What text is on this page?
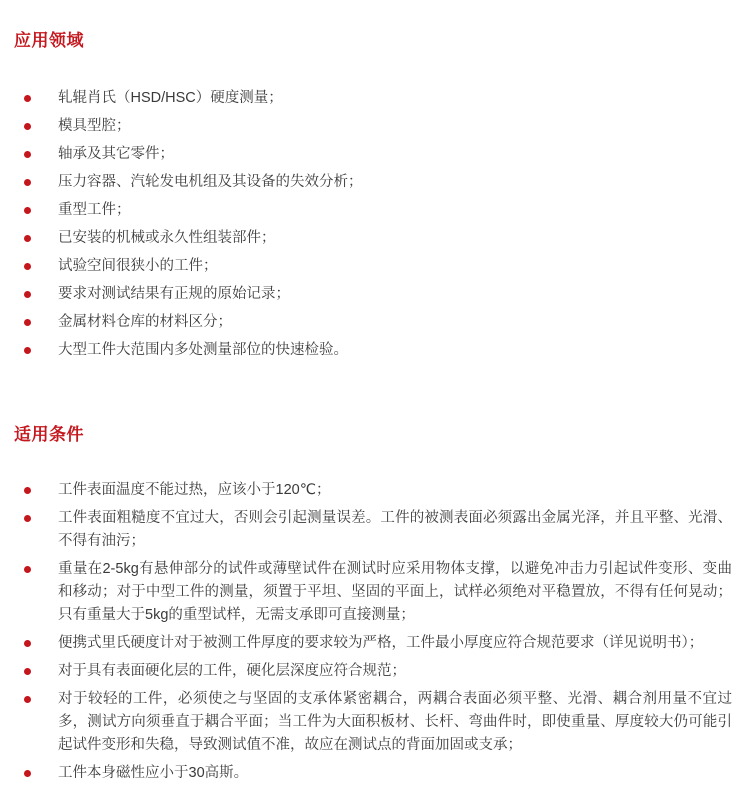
应用领域
轧辊肖氏（HSD/HSC）硬度测量；
模具型腔；
轴承及其它零件；
压力容器、汽轮发电机组及其设备的失效分析；
重型工件；
已安装的机械或永久性组装部件；
试验空间很狭小的工件；
要求对测试结果有正规的原始记录；
金属材料仓库的材料区分；
大型工件大范围内多处测量部位的快速检验。
适用条件
工件表面温度不能过热，应该小于120℃；
工件表面粗糙度不宜过大，否则会引起测量误差。工件的被测表面必须露出金属光泽，并且平整、光滑、不得有油污；
重量在2‐5kg有悬伸部分的试件或薄壁试件在测试时应采用物体支撑，以避免冲击力引起试件变形、变曲和移动；对于中型工件的测量，须置于平坦、坚固的平面上，试样必须绝对平稳置放，不得有任何晃动；只有重量大于5kg的重型试样，无需支承即可直接测量；
便携式里氏硬度计对于被测工件厚度的要求较为严格，工件最小厚度应符合规范要求（详见说明书）；
对于具有表面硬化层的工件，硬化层深度应符合规范；
对于较轻的工件，必须使之与坚固的支承体紧密耦合，两耦合表面必须平整、光滑、耦合剂用量不宜过多，测试方向须垂直于耦合平面；当工件为大面积板材、长杆、弯曲件时，即使重量、厚度较大仍可能引起试件变形和失稳，导致测试值不准，故应在测试点的背面加固或支承；
工件本身磁性应小于30高斯。
